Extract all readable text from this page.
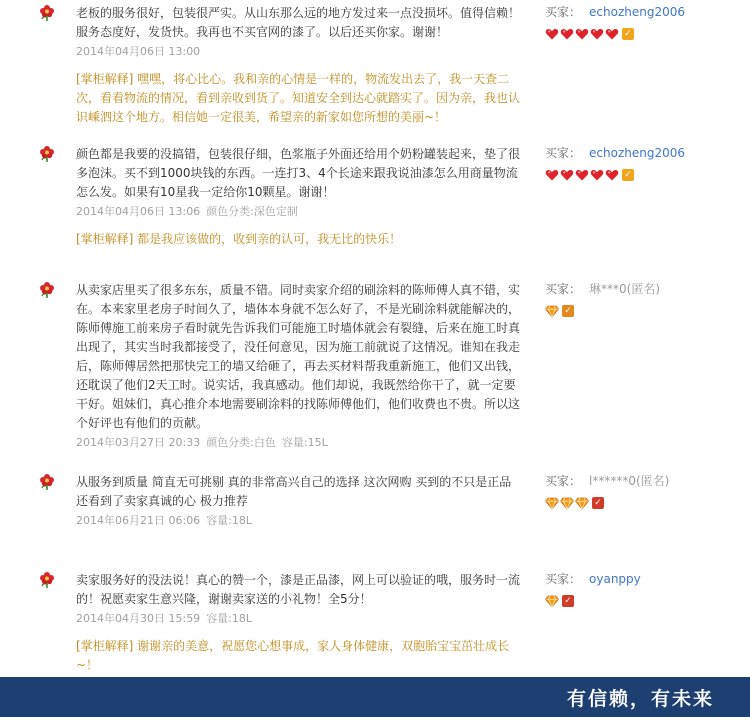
老板的服务很好，包装很严实。从山东那么远的地方发过来一点没损坏。值得信赖！服务态度好，发货快。我再也不买官网的漆了。以后还买你家。谢谢！

2014年04月06日 13:00
[掌柜解释] 嘿嘿，将心比心。我和亲的心情是一样的，物流发出去了，我一天查二次，看看物流的情况，看到亲收到货了。知道安全到达心就踏实了。因为亲，我也认识嵊泗这个地方。相信她一定很美，希望亲的新家如您所想的美丽~！
买家： echozheng2006
✓

颜色都是我要的没搞错，包装很仔细，色浆瓶子外面还给用个奶粉罐装起来，垫了很多泡沫。买不到1000块钱的东西。一连打3、4个长途来跟我说油漆怎么用商量物流怎么发。如果有10星我一定给你10颗星。谢谢！

2014年04月06日 13:06 颜色分类:深色定制
[掌柜解释] 都是我应该做的，收到亲的认可，我无比的快乐！
买家： echozheng2006
✓

从卖家店里买了很多东东，质量不错。同时卖家介绍的刷涂料的陈师傅人真不错，实在。本来家里老房子时间久了，墙体本身就不怎么好了，不是光刷涂料就能解决的，陈师傅施工前来房子看时就先告诉我们可能施工时墙体就会有裂缝，后来在施工时真出现了，其实当时我都接受了，没任何意见，因为施工前就说了这情况。谁知在我走后，陈师傅居然把那快完工的墙又给砸了，再去买材料帮我重新施工，他们又出钱，还耽误了他们2天工时。说实话，我真感动。他们却说，我既然给你干了，就一定要干好。姐妹们，真心推介本地需要刷涂料的找陈师傅他们，他们收费也不贵。所以这个好评也有他们的贡献。

2014年03月27日 20:33 颜色分类:白色 容量:15L
买家： 琳***0(匿名)
✓

从服务到质量 简直无可挑剔 真的非常高兴自己的选择 这次网购 买到的不只是正品 还看到了卖家真诚的心 极力推荐

2014年06月21日 06:06 容量:18L
买家： l******0(匿名)
✓

卖家服务好的没法说！真心的赞一个，漆是正品漆，网上可以验证的哦，服务时一流的！祝愿卖家生意兴隆，谢谢卖家送的小礼物！全5分！

2014年04月30日 15:59 容量:18L
[掌柜解释] 谢谢亲的美意，祝愿您心想事成，家人身体健康，双胞胎宝宝茁壮成长~！
买家： oyanppy
✓
有信赖，有未来
